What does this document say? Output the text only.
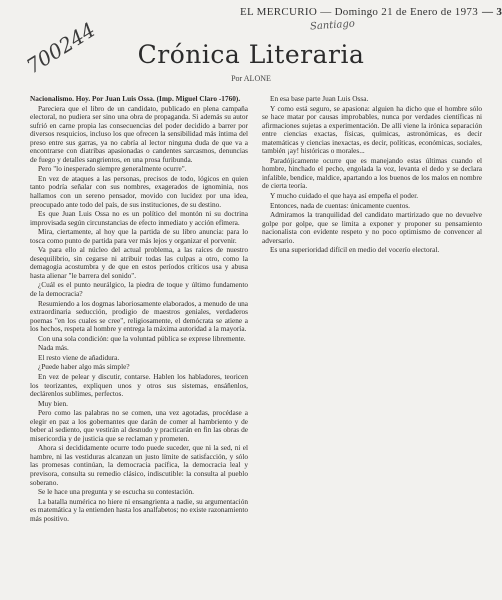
EL MERCURIO — Domingo 21 de Enero de 1973 — 3
Santiago
700244	Crónica Literaria
Por ALONE

Nacionalismo. Hoy. Por Juan Luis Ossa. (Imp. Miguel Claro -1760).

Pareciera que el libro de un candidato, publicado en plena campaña electoral, no pudiera ser sino una obra de propaganda. Si además su autor sufrió en carne propia las consecuencias del poder decidido a barrer por diversos resquicios, incluso los que ofrecen la sensibilidad más íntima del preso entre sus garras, ya no cabría al lector ninguna duda de que va a encontrarse con diatribas apasionadas o candentes sarcasmos, denuncias de fuego y detalles sangrientos, en una prosa furibunda.

Pero "lo inesperado siempre generalmente ocurre".

En vez de ataques a las personas, precisos de todo, lógicos en quien tanto podría señalar con sus nombres, exagerados de ignominia, nos hallamos con un sereno pensador, movido con lucidez por una idea, preocupado ante todo del país, de sus instituciones, de su destino.

Es que Juan Luis Ossa no es un político del montón ni su doctrina improvisada según circunstancias de efecto inmediato y acción efímera.

Mira, ciertamente, al hoy que la partida de su libro anuncia: para lo tosca como punto de partida para ver más lejos y organizar el porvenir.

Va para ello al núcleo del actual problema, a las raíces de nuestro desequilibrio, sin cegarse ni atribuir todas las culpas a otro, como la demagogia acostumbra y de que en estos períodos críticos usa y abusa hasta alienar "le barrera del sonido".

¿Cuál es el punto neurálgico, la piedra de toque y último fundamento de la democracia?

Resumiendo a los dogmas laboriosamente elaborados, a menudo de una extraordinaria seducción, prodigio de maestros geniales, verdaderos poemas "en los cuales se cree", religiosamente, el demócrata se atiene a los hechos, respeta al hombre y entrega la máxima autoridad a la mayoría.

Con una sola condición: que la voluntad pública se exprese libremente.

Nada más.

El resto viene de añadidura.

¿Puede haber algo más simple?

En vez de pelear y discutir, contarse. Hablen los habladores, teoricen los teorizantes, expliquen unos y otros sus sistemas, ensáñenlos, declárenlos sublimes, perfectos.

Muy bien.

Pero como las palabras no se comen, una vez agotadas, procédase a elegir en paz a los gobernantes que darán de comer al hambriento y de beber al sediento, que vestirán al desnudo y practicarán en fin las obras de misericordia y de justicia que se reclaman y prometen.

Ahora si decididamente ocurre todo puede suceder, que ni la sed, ni el hambre, ni las vestiduras alcanzan un justo límite de satisfacción, y sólo las promesas continúan, la democracia pacífica, la democracia leal y previsora, consulta su remedio clásico, indiscutible: la consulta al pueblo soberano.

Se le hace una pregunta y se escucha su contestación.

La batalla numérica no hiere ni ensangrienta a nadie, su argumentación es matemática y la entienden hasta los analfabetos; no existe razonamiento más positivo.

En esa base parte Juan Luis Ossa.

Y como está seguro, se apasiona: alguien ha dicho que el hombre sólo se hace matar por causas improbables, nunca por verdades científicas ni afirmaciones sujetas a experimentación. De allí viene la irónica separación entre ciencias exactas, físicas, químicas, astronómicas, es decir matemáticas y ciencias inexactas, es decir, políticas, económicas, sociales, también ¡ay! históricas o morales...

Paradójicamente ocurre que es manejando estas últimas cuando el hombre, hinchado el pecho, engolada la voz, levanta el dedo y se declara infalible, bendice, maldice, apartando a los buenos de los malos en nombre de cierta teoría.

Y mucho cuidado el que haya así empeña el poder.

Entonces, nada de cuentas: únicamente cuentos.

Admiramos la tranquilidad del candidato martirizado que no devuelve golpe por golpe, que se limita a exponer y proponer su pensamiento nacionalista con evidente respeto y no poco optimismo de convencer al adversario.

Es una superioridad difícil en medio del vocerío electoral.
